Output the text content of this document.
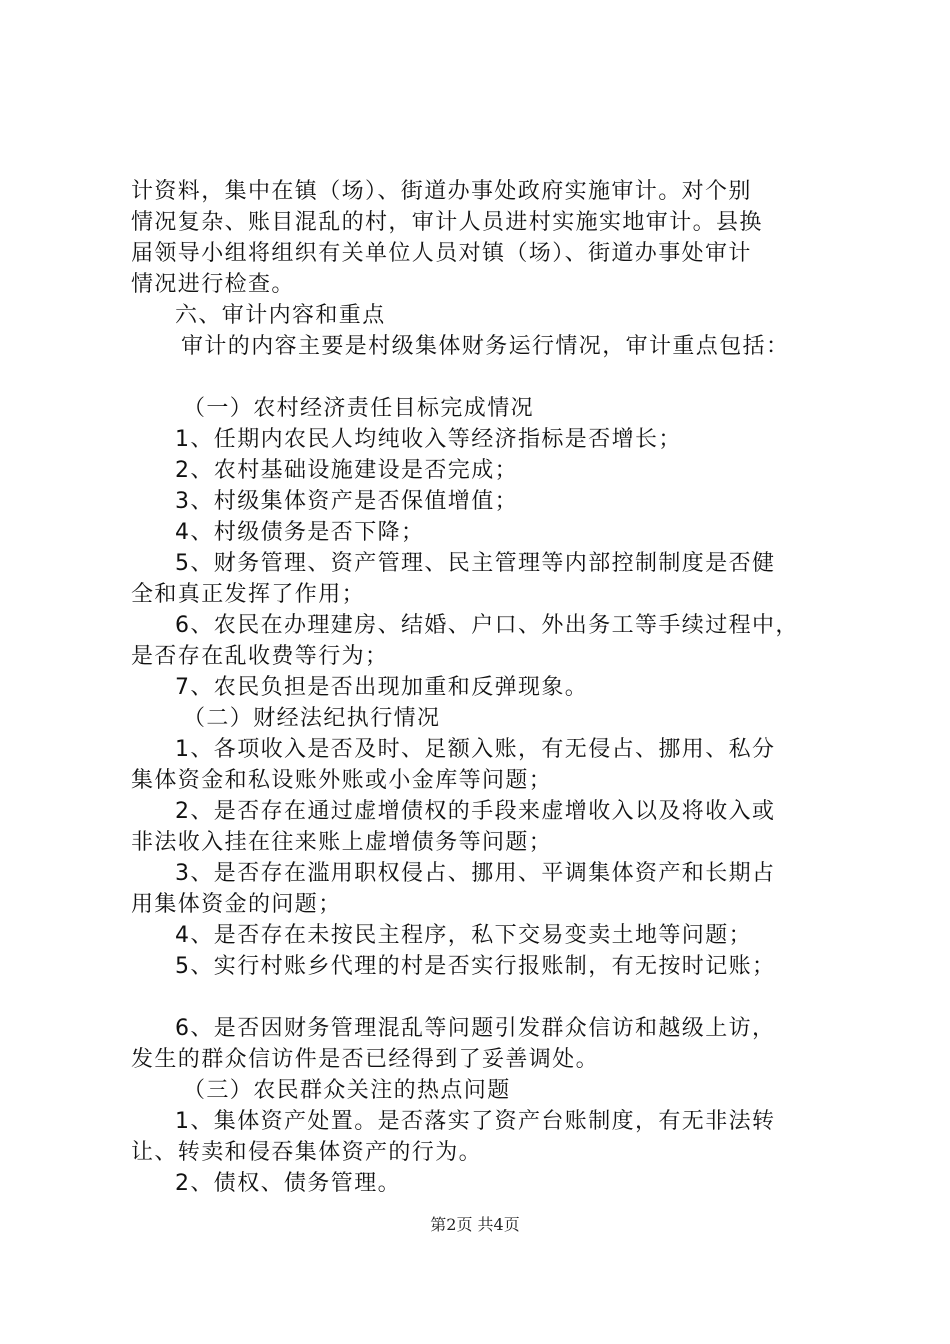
计资料，集中在镇（场）、街道办事处政府实施审计。对个别
情况复杂、账目混乱的村，审计人员进村实施实地审计。县换
届领导小组将组织有关单位人员对镇（场）、街道办事处审计
情况进行检查。
六、审计内容和重点
审计的内容主要是村级集体财务运行情况，审计重点包括：
（一）农村经济责任目标完成情况
1、任期内农民人均纯收入等经济指标是否增长；
2、农村基础设施建设是否完成；
3、村级集体资产是否保值增值；
4、村级债务是否下降；
5、财务管理、资产管理、民主管理等内部控制制度是否健
全和真正发挥了作用；
6、农民在办理建房、结婚、户口、外出务工等手续过程中，
是否存在乱收费等行为；
7、农民负担是否出现加重和反弹现象。
（二）财经法纪执行情况
1、各项收入是否及时、足额入账，有无侵占、挪用、私分
集体资金和私设账外账或小金库等问题；
2、是否存在通过虚增债权的手段来虚增收入以及将收入或
非法收入挂在往来账上虚增债务等问题；
3、是否存在滥用职权侵占、挪用、平调集体资产和长期占
用集体资金的问题；
4、是否存在未按民主程序，私下交易变卖土地等问题；
5、实行村账乡代理的村是否实行报账制，有无按时记账；
6、是否因财务管理混乱等问题引发群众信访和越级上访，
发生的群众信访件是否已经得到了妥善调处。
（三）农民群众关注的热点问题
1、集体资产处置。是否落实了资产台账制度，有无非法转
让、转卖和侵吞集体资产的行为。
2、债权、债务管理。
第2页 共4页
